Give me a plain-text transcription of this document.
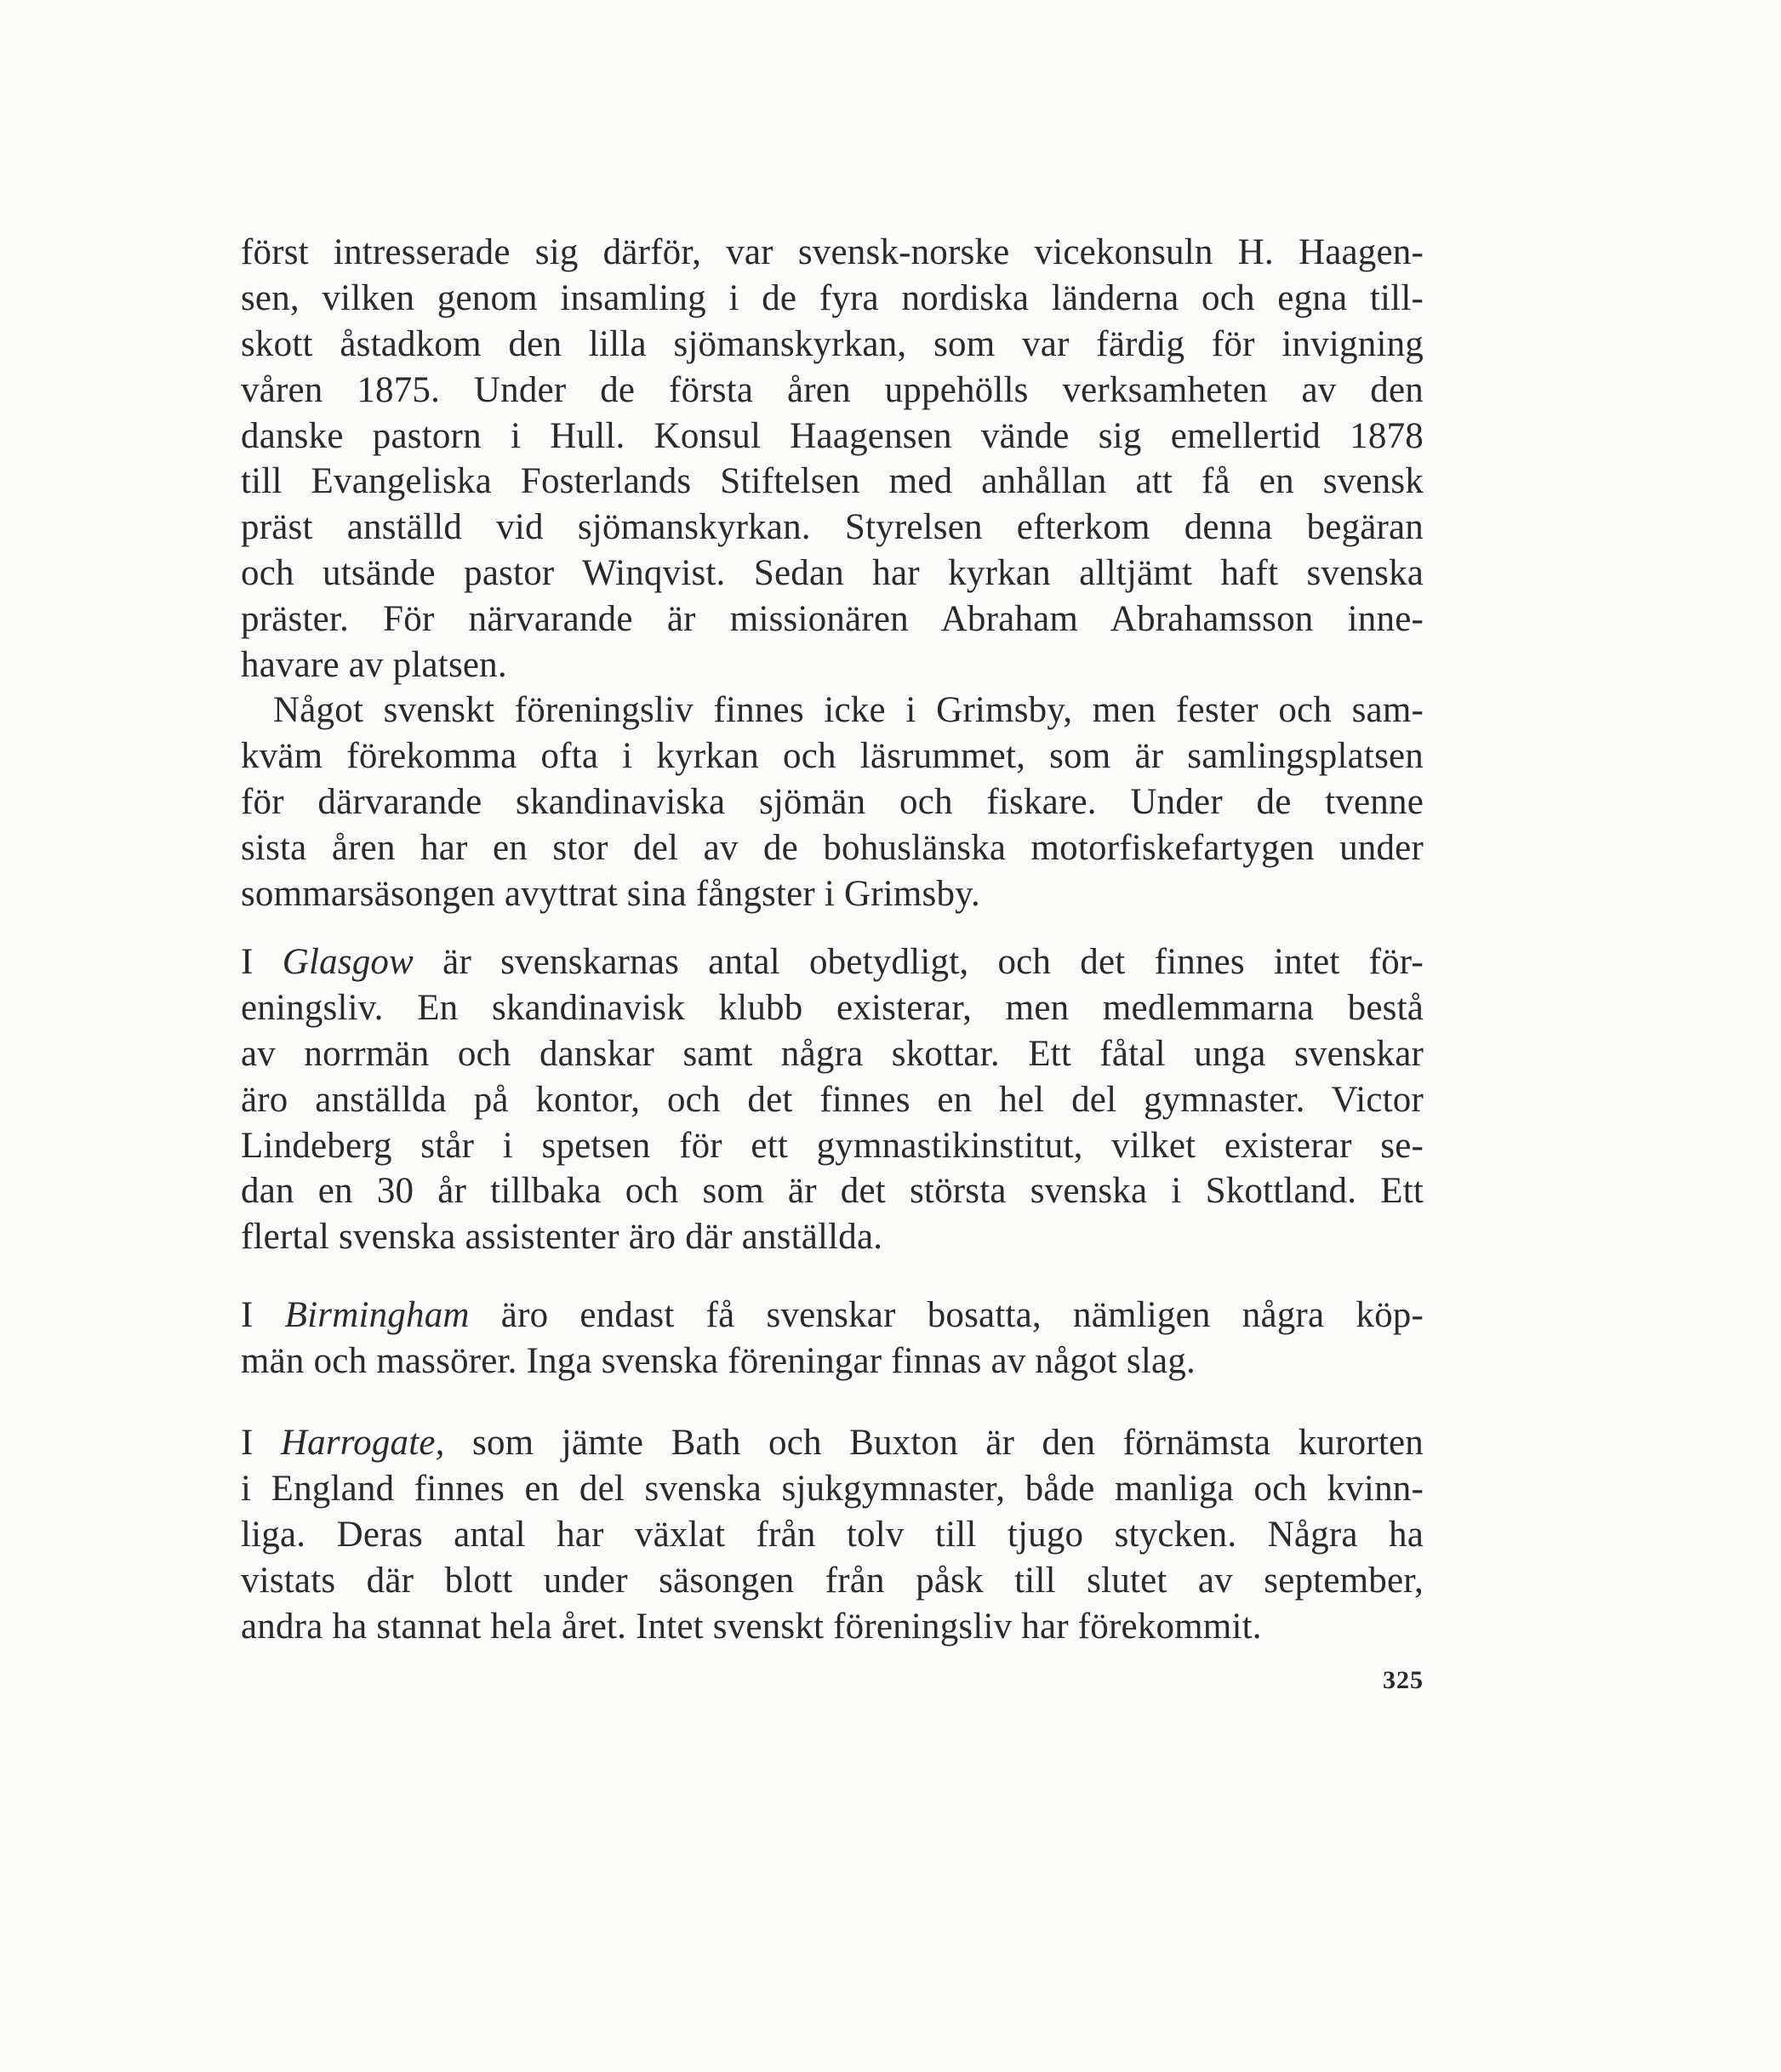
först intresserade sig därför, var svensk-norske vicekonsuln H. Haagen-
sen, vilken genom insamling i de fyra nordiska länderna och egna till-
skott åstadkom den lilla sjömanskyrkan, som var färdig för invigning
våren 1875. Under de första åren uppehölls verksamheten av den
danske pastorn i Hull. Konsul Haagensen vände sig emellertid 1878
till Evangeliska Fosterlands Stiftelsen med anhållan att få en svensk
präst anställd vid sjömanskyrkan. Styrelsen efterkom denna begäran
och utsände pastor Winqvist. Sedan har kyrkan alltjämt haft svenska
präster. För närvarande är missionären Abraham Abrahamsson inne-
havare av platsen.
Något svenskt föreningsliv finnes icke i Grimsby, men fester och sam-
kväm förekomma ofta i kyrkan och läsrummet, som är samlingsplatsen
för därvarande skandinaviska sjömän och fiskare. Under de tvenne
sista åren har en stor del av de bohuslänska motorfiskefartygen under
sommarsäsongen avyttrat sina fångster i Grimsby.
I Glasgow är svenskarnas antal obetydligt, och det finnes intet för-
eningsliv. En skandinavisk klubb existerar, men medlemmarna bestå
av norrmän och danskar samt några skottar. Ett fåtal unga svenskar
äro anställda på kontor, och det finnes en hel del gymnaster. Victor
Lindeberg står i spetsen för ett gymnastikinstitut, vilket existerar se-
dan en 30 år tillbaka och som är det största svenska i Skottland. Ett
flertal svenska assistenter äro där anställda.
I Birmingham äro endast få svenskar bosatta, nämligen några köp-
män och massörer. Inga svenska föreningar finnas av något slag.
I Harrogate, som jämte Bath och Buxton är den förnämsta kurorten
i England finnes en del svenska sjukgymnaster, både manliga och kvinn-
liga. Deras antal har växlat från tolv till tjugo stycken. Några ha
vistats där blott under säsongen från påsk till slutet av september,
andra ha stannat hela året. Intet svenskt föreningsliv har förekommit.
325
